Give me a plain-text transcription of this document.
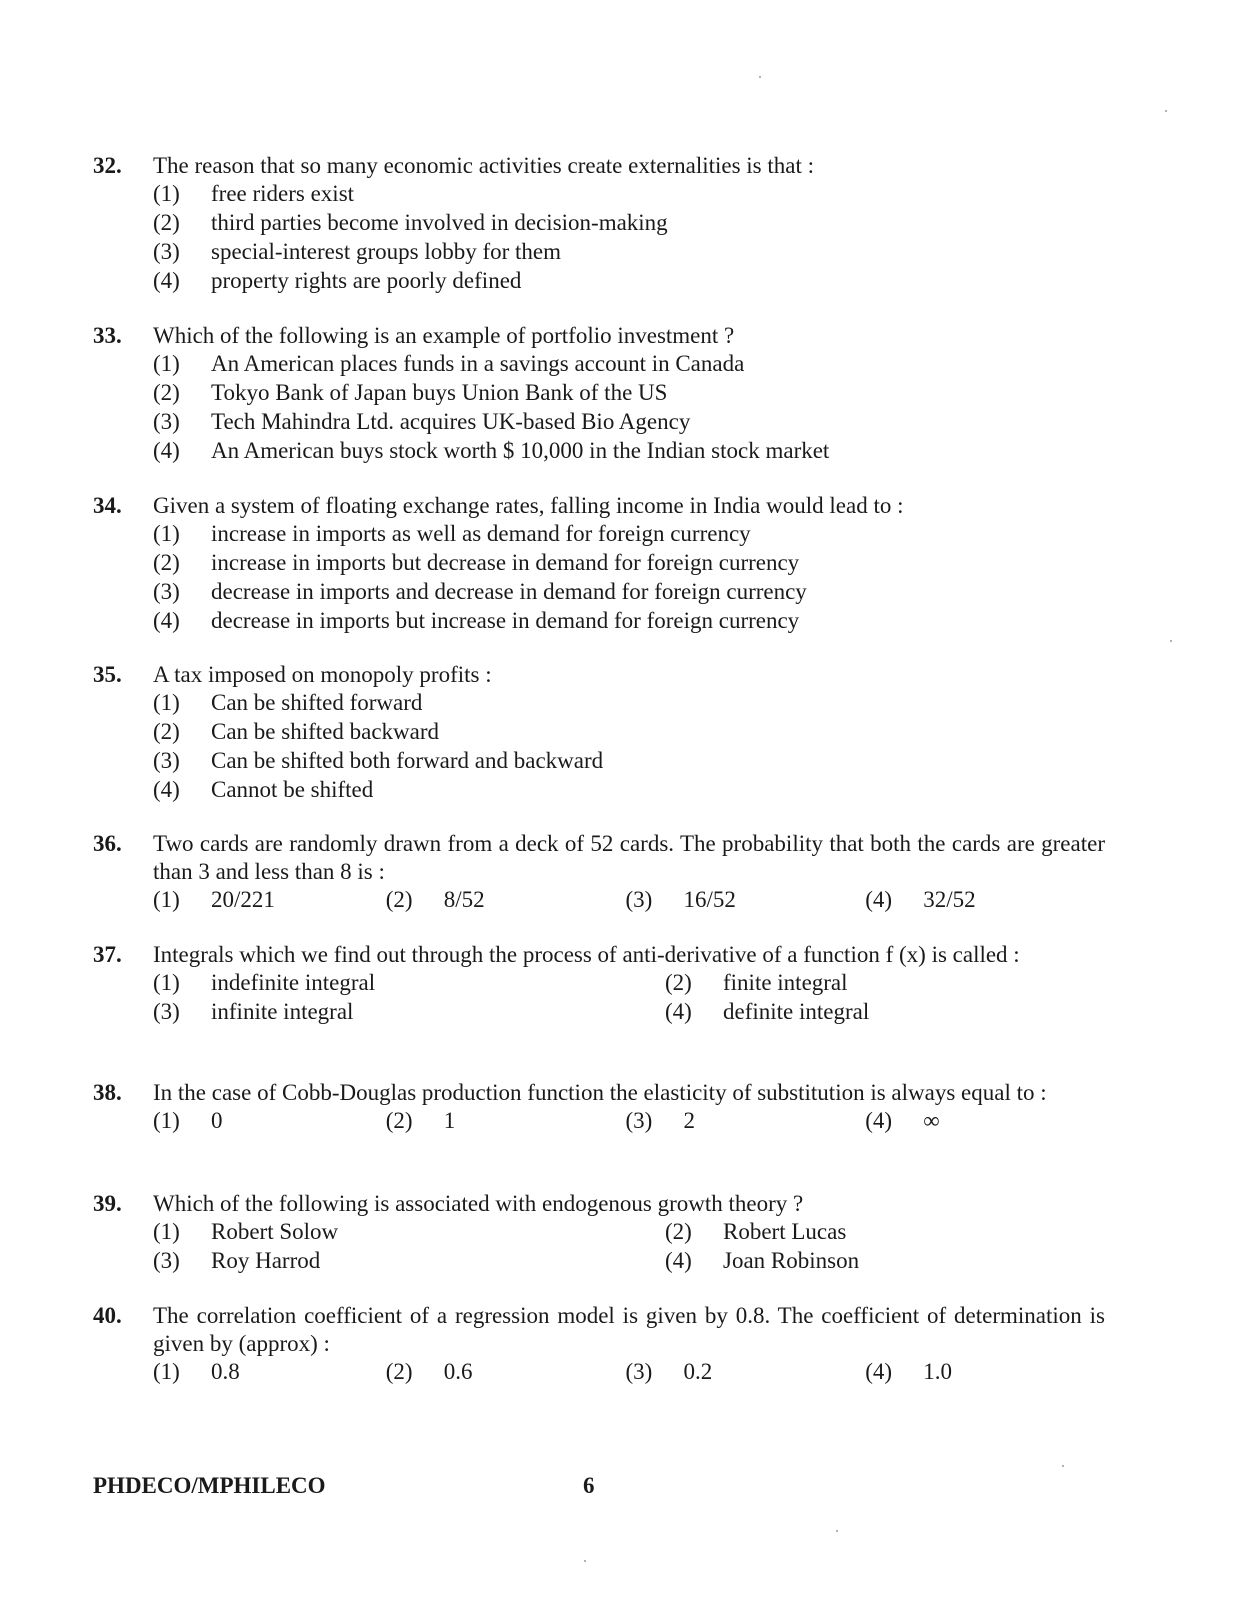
32. The reason that so many economic activities create externalities is that :
(1)	free riders exist
(2)	third parties become involved in decision-making
(3)	special-interest groups lobby for them
(4)	property rights are poorly defined
33. Which of the following is an example of portfolio investment ?
(1)	An American places funds in a savings account in Canada
(2)	Tokyo Bank of Japan buys Union Bank of the US
(3)	Tech Mahindra Ltd. acquires UK-based Bio Agency
(4)	An American buys stock worth $ 10,000 in the Indian stock market
34. Given a system of floating exchange rates, falling income in India would lead to :
(1)	increase in imports as well as demand for foreign currency
(2)	increase in imports but decrease in demand for foreign currency
(3)	decrease in imports and decrease in demand for foreign currency
(4)	decrease in imports but increase in demand for foreign currency
35. A tax imposed on monopoly profits :
(1)	Can be shifted forward
(2)	Can be shifted backward
(3)	Can be shifted both forward and backward
(4)	Cannot be shifted
36. Two cards are randomly drawn from a deck of 52 cards. The probability that both the cards are greater than 3 and less than 8 is :
(1)	20/221	(2)	8/52	(3)	16/52	(4)	32/52
37. Integrals which we find out through the process of anti-derivative of a function f (x) is called :
(1)	indefinite integral	(2)	finite integral
(3)	infinite integral	(4)	definite integral
38. In the case of Cobb-Douglas production function the elasticity of substitution is always equal to :
(1)	0	(2)	1	(3)	2	(4)	∞
39. Which of the following is associated with endogenous growth theory ?
(1)	Robert Solow	(2)	Robert Lucas
(3)	Roy Harrod	(4)	Joan Robinson
40. The correlation coefficient of a regression model is given by 0.8. The coefficient of determination is given by (approx) :
(1)	0.8	(2)	0.6	(3)	0.2	(4)	1.0
PHDECO/MPHILECO	6
